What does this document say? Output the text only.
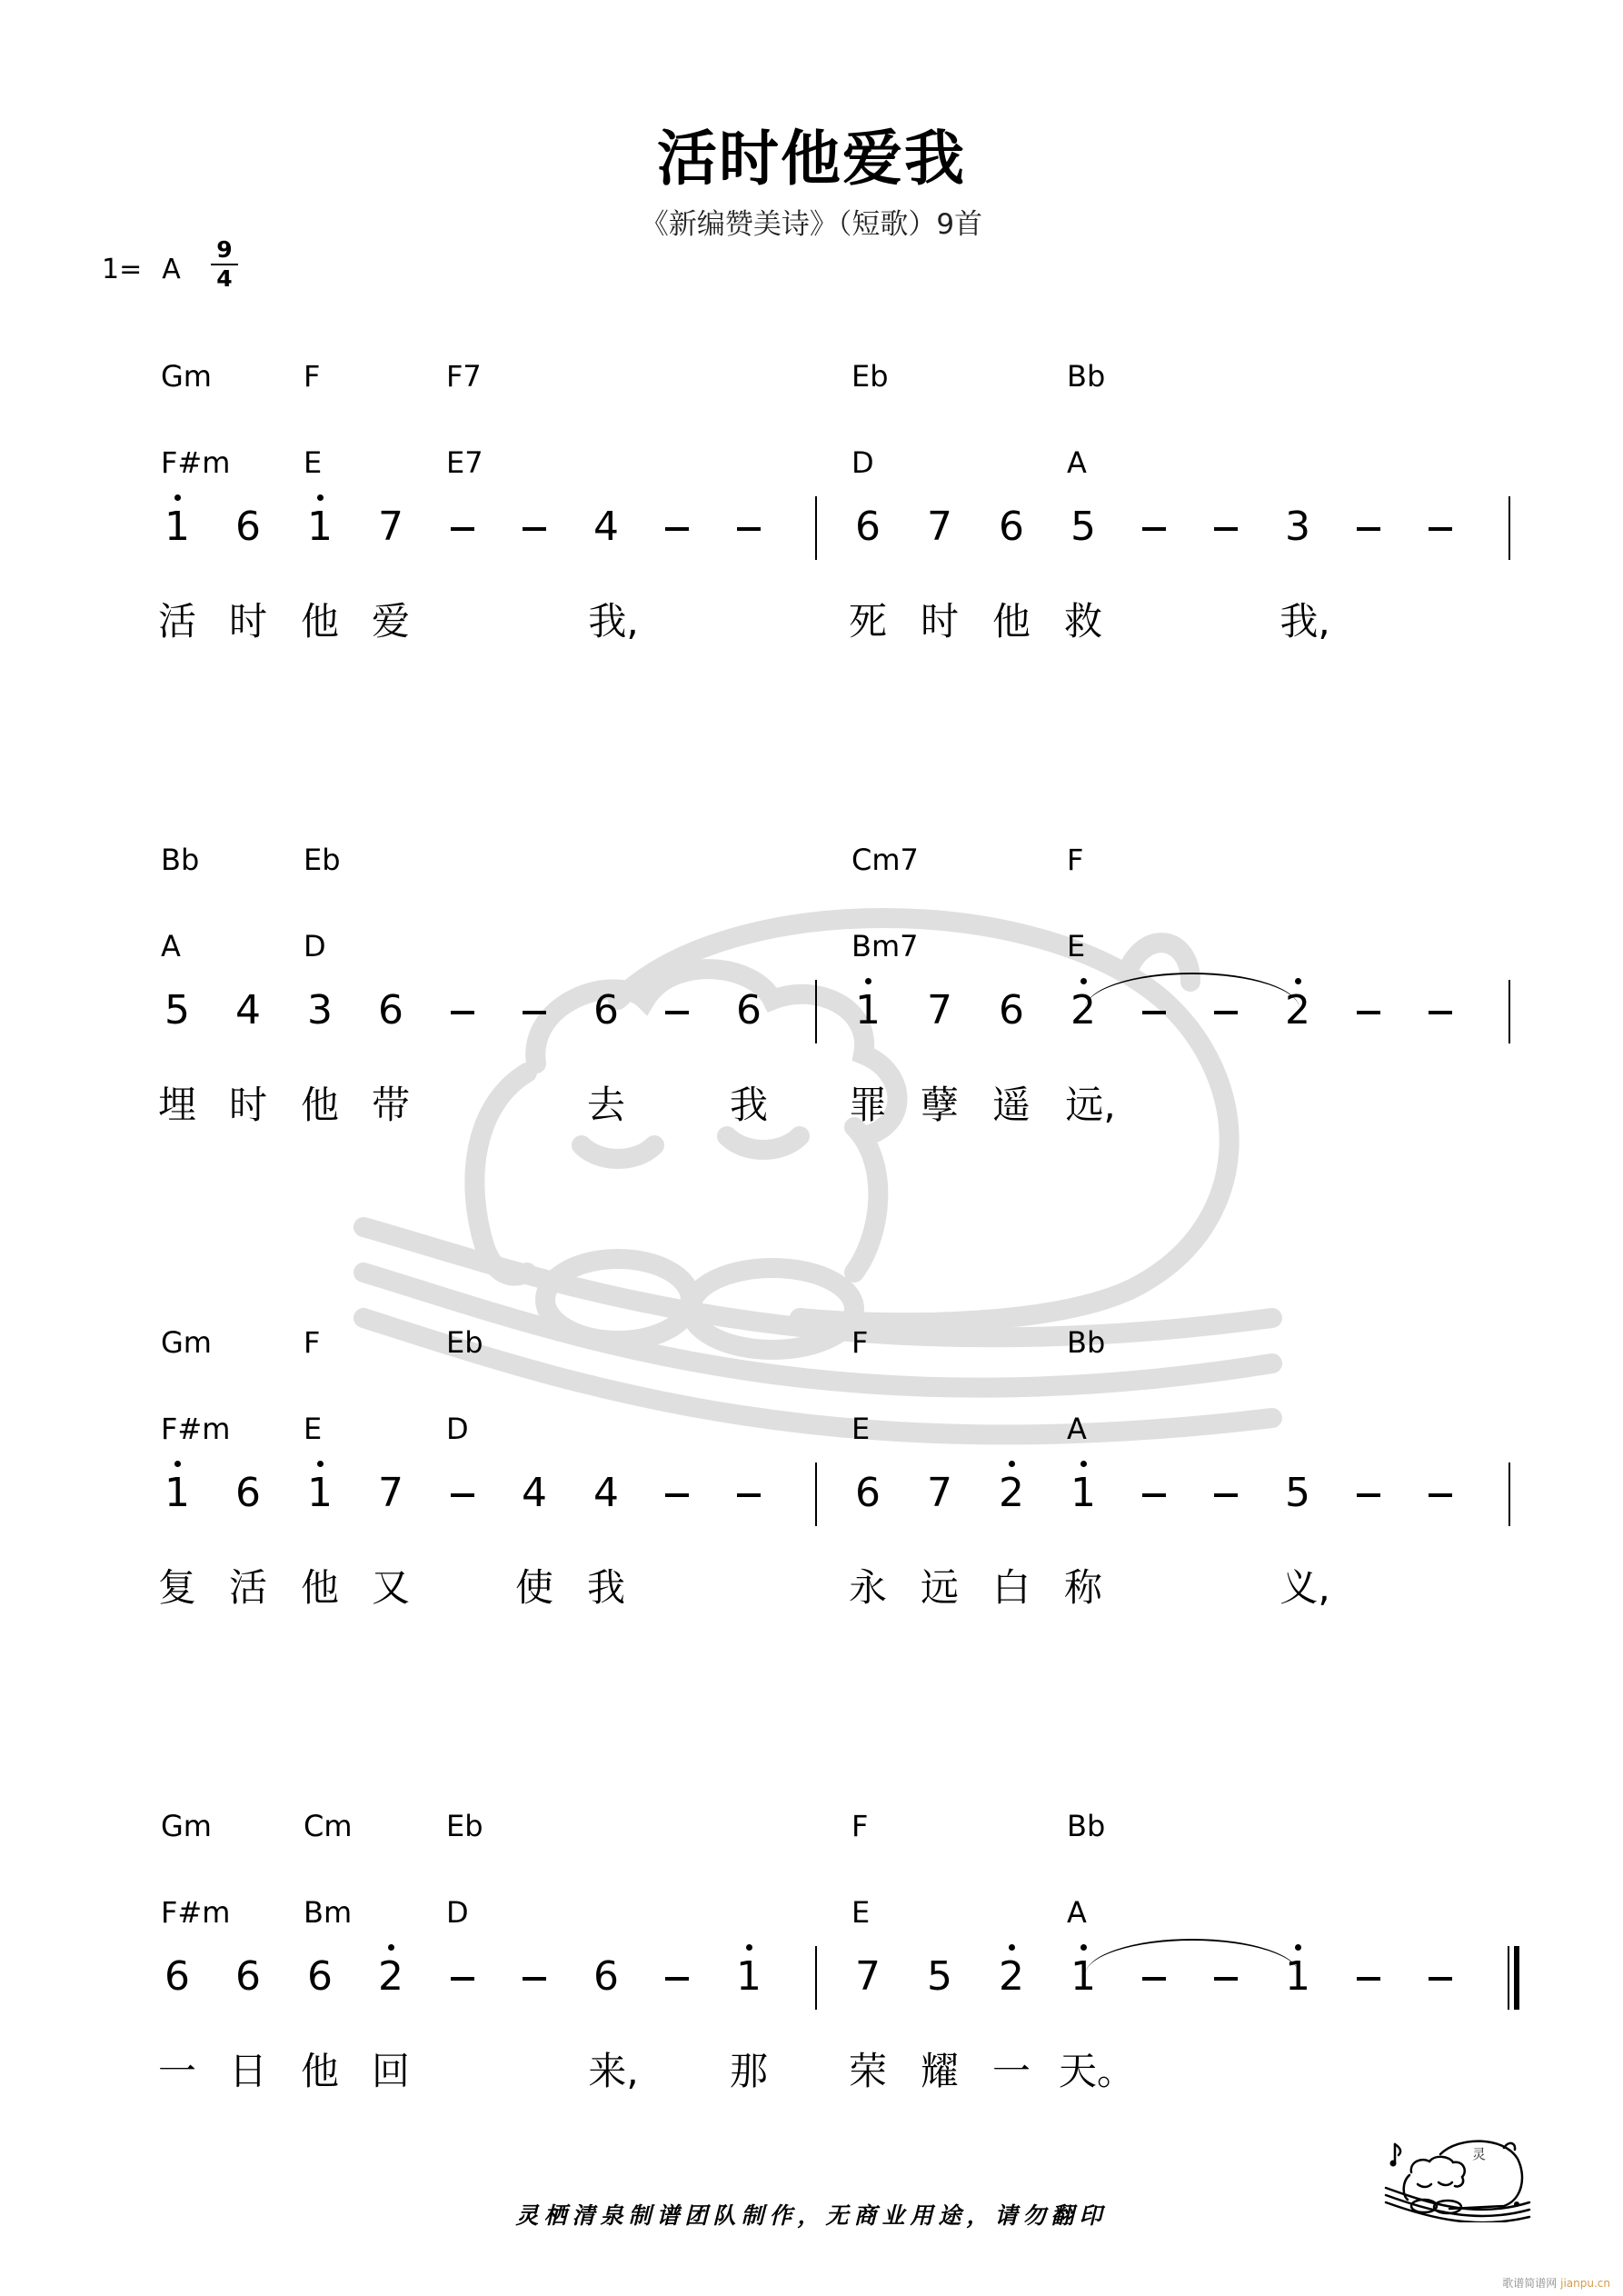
活时他爱我
《新编赞美诗》（短歌）9首
1= A
9
4
Gm	F	F7
F#m	E	E7
1	6	1	7	4
活 时 他 爱	我,
Eb	Bb
D	A
6	7	6	5	3
死 时 他 救	我,
Bb	Eb
A	D
5	4	3	6	6	6
埋 时 他 带	去	我
Cm7	F
Bm7	E
1	7	6	2	2
罪 孽 遥 远,
Gm	F	Eb
F#m	E	D
1	6	1	7	4	4
复 活 他 又	使 我
F	Bb
E	A
6	7	2	1	5
永 远 白 称	义,
Gm	Cm	Eb
F#m	Bm	D
6	6	6	2	6	1
一 日 他 回	来,	那
F	Bb
E	A
7	5	2	1	1
荣 耀 一 天。
灵栖清泉制谱团队制作，无商业用途，请勿翻印
灵
歌谱简谱网 jianpu.cn
